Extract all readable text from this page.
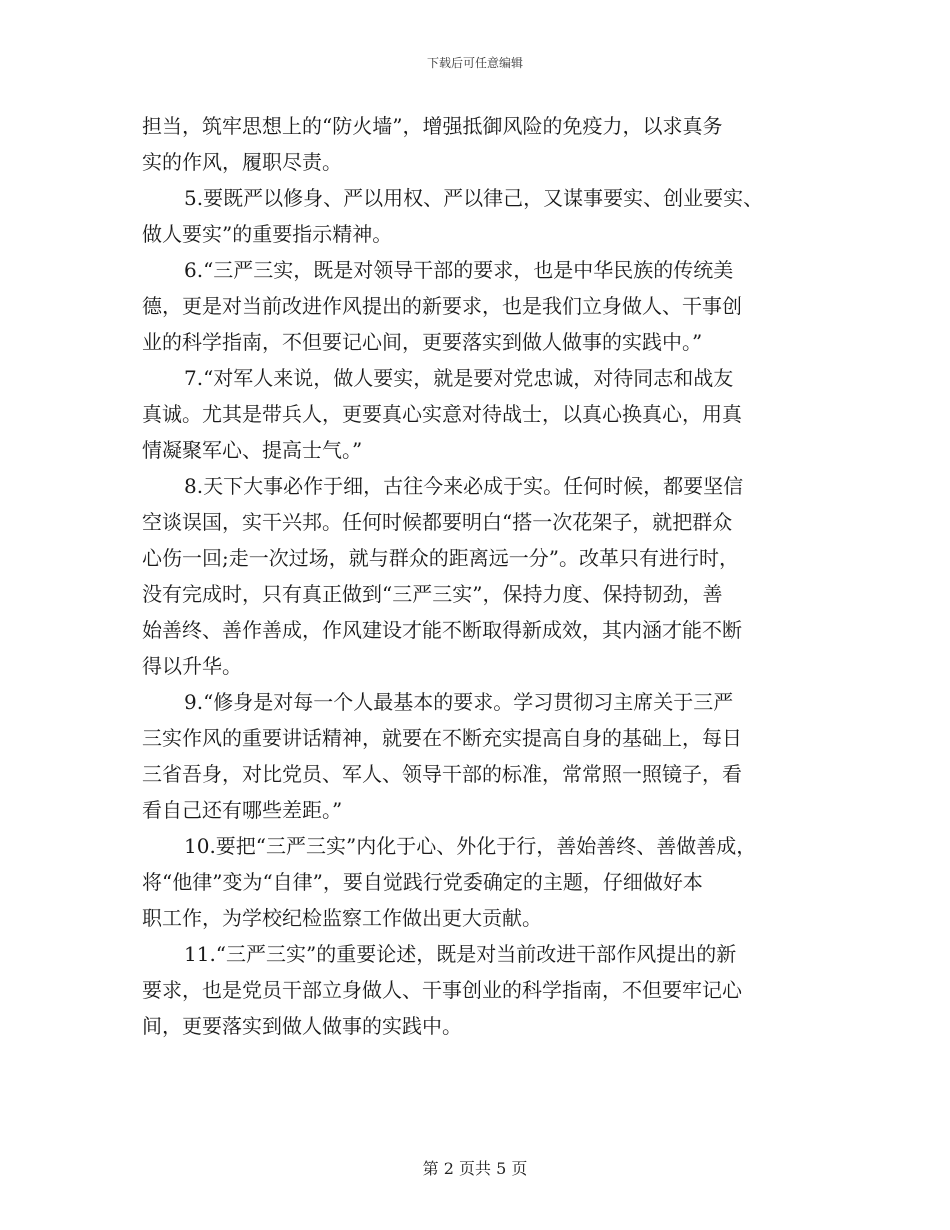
下载后可任意编辑
担当，筑牢思想上的“防火墙”，增强抵御风险的免疫力，以求真务
实的作风，履职尽责。
5.要既严以修身、严以用权、严以律己，又谋事要实、创业要实、
做人要实”的重要指示精神。
6.“三严三实，既是对领导干部的要求，也是中华民族的传统美
德，更是对当前改进作风提出的新要求，也是我们立身做人、干事创
业的科学指南，不但要记心间，更要落实到做人做事的实践中。”
7.“对军人来说，做人要实，就是要对党忠诚，对待同志和战友
真诚。尤其是带兵人，更要真心实意对待战士，以真心换真心，用真
情凝聚军心、提高士气。”
8.天下大事必作于细，古往今来必成于实。任何时候，都要坚信
空谈误国，实干兴邦。任何时候都要明白“搭一次花架子，就把群众
心伤一回;走一次过场，就与群众的距离远一分”。改革只有进行时，
没有完成时，只有真正做到“三严三实”，保持力度、保持韧劲，善
始善终、善作善成，作风建设才能不断取得新成效，其内涵才能不断
得以升华。
9.“修身是对每一个人最基本的要求。学习贯彻习主席关于三严
三实作风的重要讲话精神，就要在不断充实提高自身的基础上，每日
三省吾身，对比党员、军人、领导干部的标准，常常照一照镜子，看
看自己还有哪些差距。”
10.要把“三严三实”内化于心、外化于行，善始善终、善做善成，
将“他律”变为“自律”，要自觉践行党委确定的主题，仔细做好本
职工作，为学校纪检监察工作做出更大贡献。
11.“三严三实”的重要论述，既是对当前改进干部作风提出的新
要求，也是党员干部立身做人、干事创业的科学指南，不但要牢记心
间，更要落实到做人做事的实践中。
第 2 页共 5 页
